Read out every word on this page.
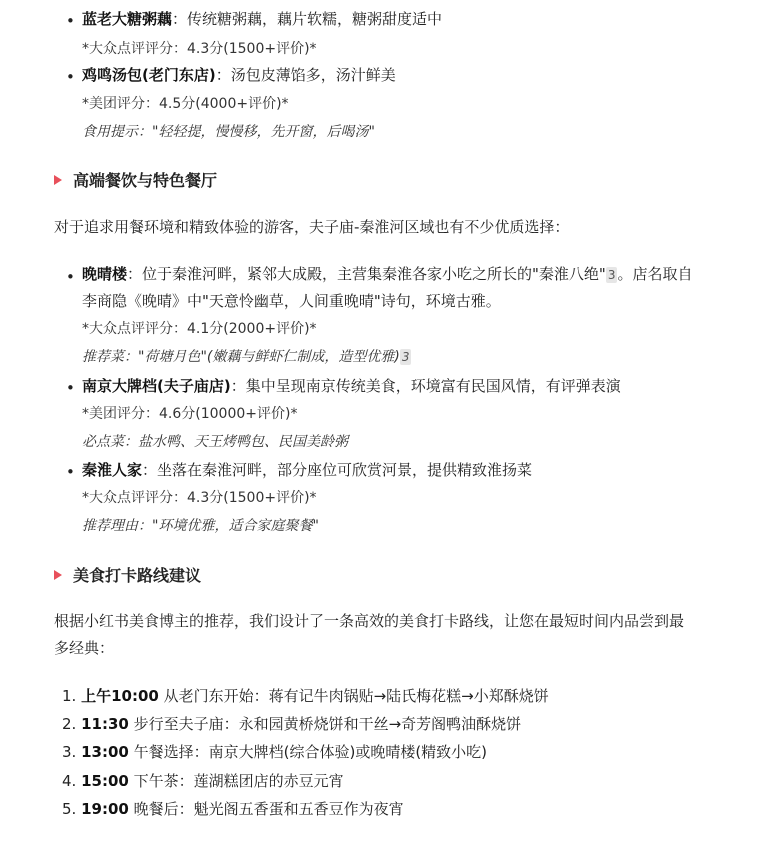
• 蓝老大糖粥藕：传统糖粥藕，藕片软糯，糖粥甜度适中
*大众点评评分：4.3分(1500+评价)*
• 鸡鸣汤包(老门东店)：汤包皮薄馅多，汤汁鲜美
*美团评分：4.5分(4000+评价)*
食用提示："轻轻提，慢慢移，先开窗，后喝汤"
高端餐饮与特色餐厅
对于追求用餐环境和精致体验的游客，夫子庙-秦淮河区域也有不少优质选择：
• 晚晴楼：位于秦淮河畔，紧邻大成殿，主营集秦淮各家小吃之所长的"秦淮八绝" 3 。店名取自
李商隐《晚晴》中"天意怜幽草，人间重晚晴"诗句，环境古雅。
*大众点评评分：4.1分(2000+评价)*
推荐菜："荷塘月色"(嫩藕与鲜虾仁制成，造型优雅) 3
• 南京大牌档(夫子庙店)：集中呈现南京传统美食，环境富有民国风情，有评弹表演
*美团评分：4.6分(10000+评价)*
必点菜：盐水鸭、天王烤鸭包、民国美龄粥
• 秦淮人家：坐落在秦淮河畔，部分座位可欣赏河景，提供精致淮扬菜
*大众点评评分：4.3分(1500+评价)*
推荐理由："环境优雅，适合家庭聚餐"
美食打卡路线建议
根据小红书美食博主的推荐，我们设计了一条高效的美食打卡路线，让您在最短时间内品尝到最
多经典：
1. 上午10:00 从老门东开始：蒋有记牛肉锅贴→陆氏梅花糕→小郑酥烧饼
2. 11:30 步行至夫子庙：永和园黄桥烧饼和干丝→奇芳阁鸭油酥烧饼
3. 13:00 午餐选择：南京大牌档(综合体验)或晚晴楼(精致小吃)
4. 15:00 下午茶：莲湖糕团店的赤豆元宵
5. 19:00 晚餐后：魁光阁五香蛋和五香豆作为夜宵
